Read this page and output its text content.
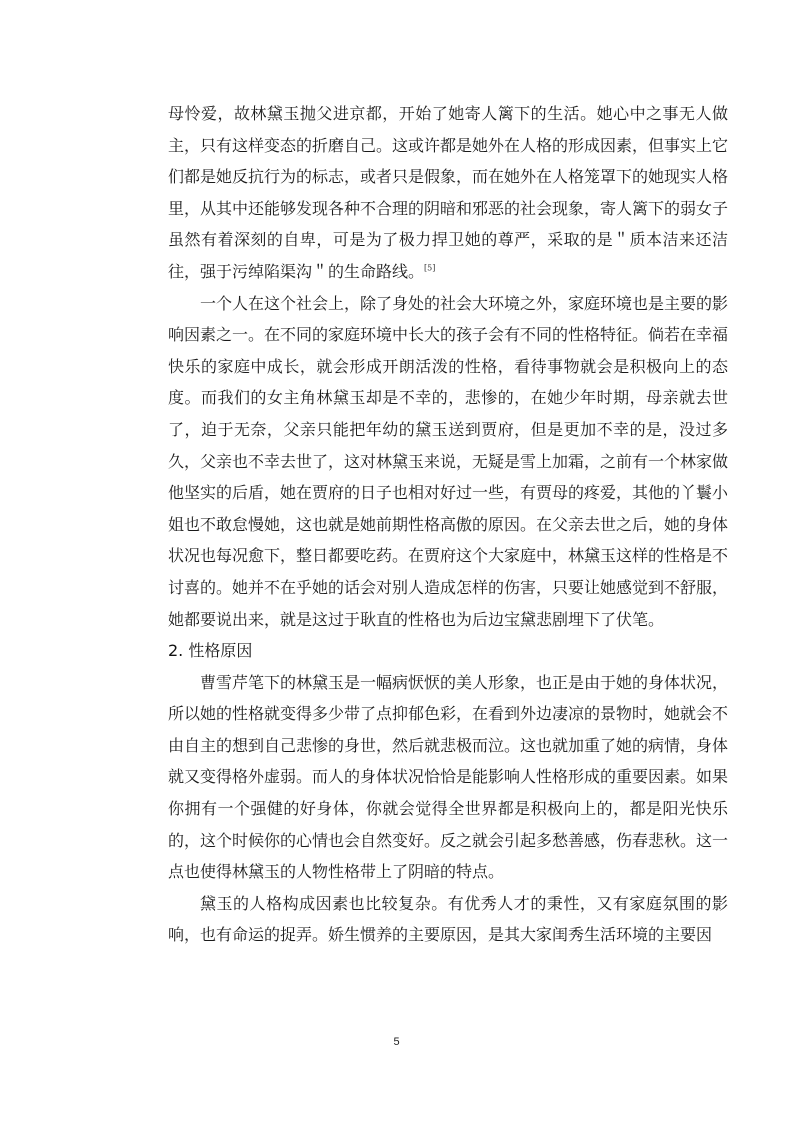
母怜爱，故林黛玉抛父进京都，开始了她寄人篱下的生活。她心中之事无人做主，只有这样变态的折磨自己。这或许都是她外在人格的形成因素，但事实上它们都是她反抗行为的标志，或者只是假象，而在她外在人格笼罩下的她现实人格里，从其中还能够发现各种不合理的阴暗和邪恶的社会现象，寄人篱下的弱女子虽然有着深刻的自卑，可是为了极力捍卫她的尊严，采取的是＂质本洁来还洁往，强于污绰陷渠沟＂的生命路线。[5]

一个人在这个社会上，除了身处的社会大环境之外，家庭环境也是主要的影响因素之一。在不同的家庭环境中长大的孩子会有不同的性格特征。倘若在幸福快乐的家庭中成长，就会形成开朗活泼的性格，看待事物就会是积极向上的态度。而我们的女主角林黛玉却是不幸的，悲惨的，在她少年时期，母亲就去世了，迫于无奈，父亲只能把年幼的黛玉送到贾府，但是更加不幸的是，没过多久，父亲也不幸去世了，这对林黛玉来说，无疑是雪上加霜，之前有一个林家做他坚实的后盾，她在贾府的日子也相对好过一些，有贾母的疼爱，其他的丫鬟小姐也不敢怠慢她，这也就是她前期性格高傲的原因。在父亲去世之后，她的身体状况也每况愈下，整日都要吃药。在贾府这个大家庭中，林黛玉这样的性格是不讨喜的。她并不在乎她的话会对别人造成怎样的伤害，只要让她感觉到不舒服，她都要说出来，就是这过于耿直的性格也为后边宝黛悲剧埋下了伏笔。

2. 性格原因

曹雪芹笔下的林黛玉是一幅病恹恹的美人形象，也正是由于她的身体状况，所以她的性格就变得多少带了点抑郁色彩，在看到外边凄凉的景物时，她就会不由自主的想到自己悲惨的身世，然后就悲极而泣。这也就加重了她的病情，身体就又变得格外虚弱。而人的身体状况恰恰是能影响人性格形成的重要因素。如果你拥有一个强健的好身体，你就会觉得全世界都是积极向上的，都是阳光快乐的，这个时候你的心情也会自然变好。反之就会引起多愁善感，伤春悲秋。这一点也使得林黛玉的人物性格带上了阴暗的特点。

黛玉的人格构成因素也比较复杂。有优秀人才的秉性，又有家庭氛围的影响，也有命运的捉弄。娇生惯养的主要原因，是其大家闺秀生活环境的主要因

5
